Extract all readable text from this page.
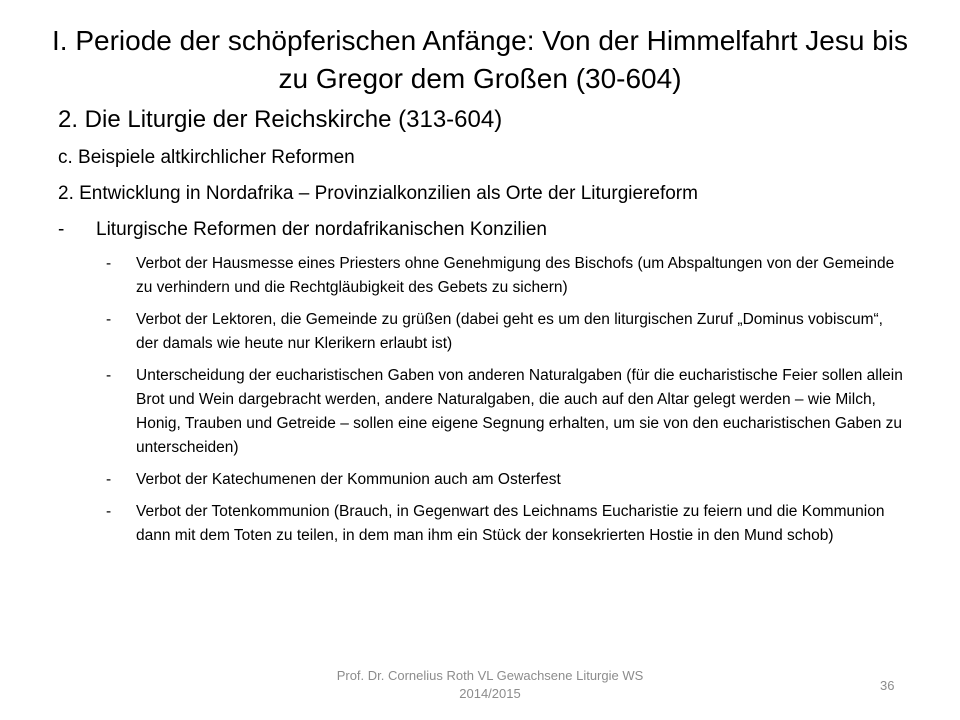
I. Periode der schöpferischen Anfänge: Von der Himmelfahrt Jesu bis zu Gregor dem Großen (30-604)
2. Die Liturgie der Reichskirche (313-604)
c. Beispiele altkirchlicher Reformen
2. Entwicklung in Nordafrika – Provinzialkonzilien als Orte der Liturgiereform
-	Liturgische Reformen der nordafrikanischen Konzilien
-	Verbot der Hausmesse eines Priesters ohne Genehmigung des Bischofs (um Abspaltungen von der Gemeinde zu verhindern und die Rechtgläubigkeit des Gebets zu sichern)
-	Verbot der Lektoren, die Gemeinde zu grüßen (dabei geht es um den liturgischen Zuruf „Dominus vobiscum“, der damals wie heute nur Klerikern erlaubt ist)
-	Unterscheidung der eucharistischen Gaben von anderen Naturalgaben (für die eucharistische Feier sollen allein Brot und Wein dargebracht werden, andere Naturalgaben, die auch auf den Altar gelegt werden – wie Milch, Honig, Trauben und Getreide – sollen eine eigene Segnung erhalten, um sie von den eucharistischen Gaben zu unterscheiden)
-	Verbot der Katechumenen der Kommunion auch am Osterfest
-	Verbot der Totenkommunion (Brauch, in Gegenwart des Leichnams Eucharistie zu feiern und die Kommunion dann mit dem Toten zu teilen, in dem man ihm ein Stück der konsekrierten Hostie in den Mund schob)
Prof. Dr. Cornelius Roth VL Gewachsene Liturgie WS 2014/2015
36
